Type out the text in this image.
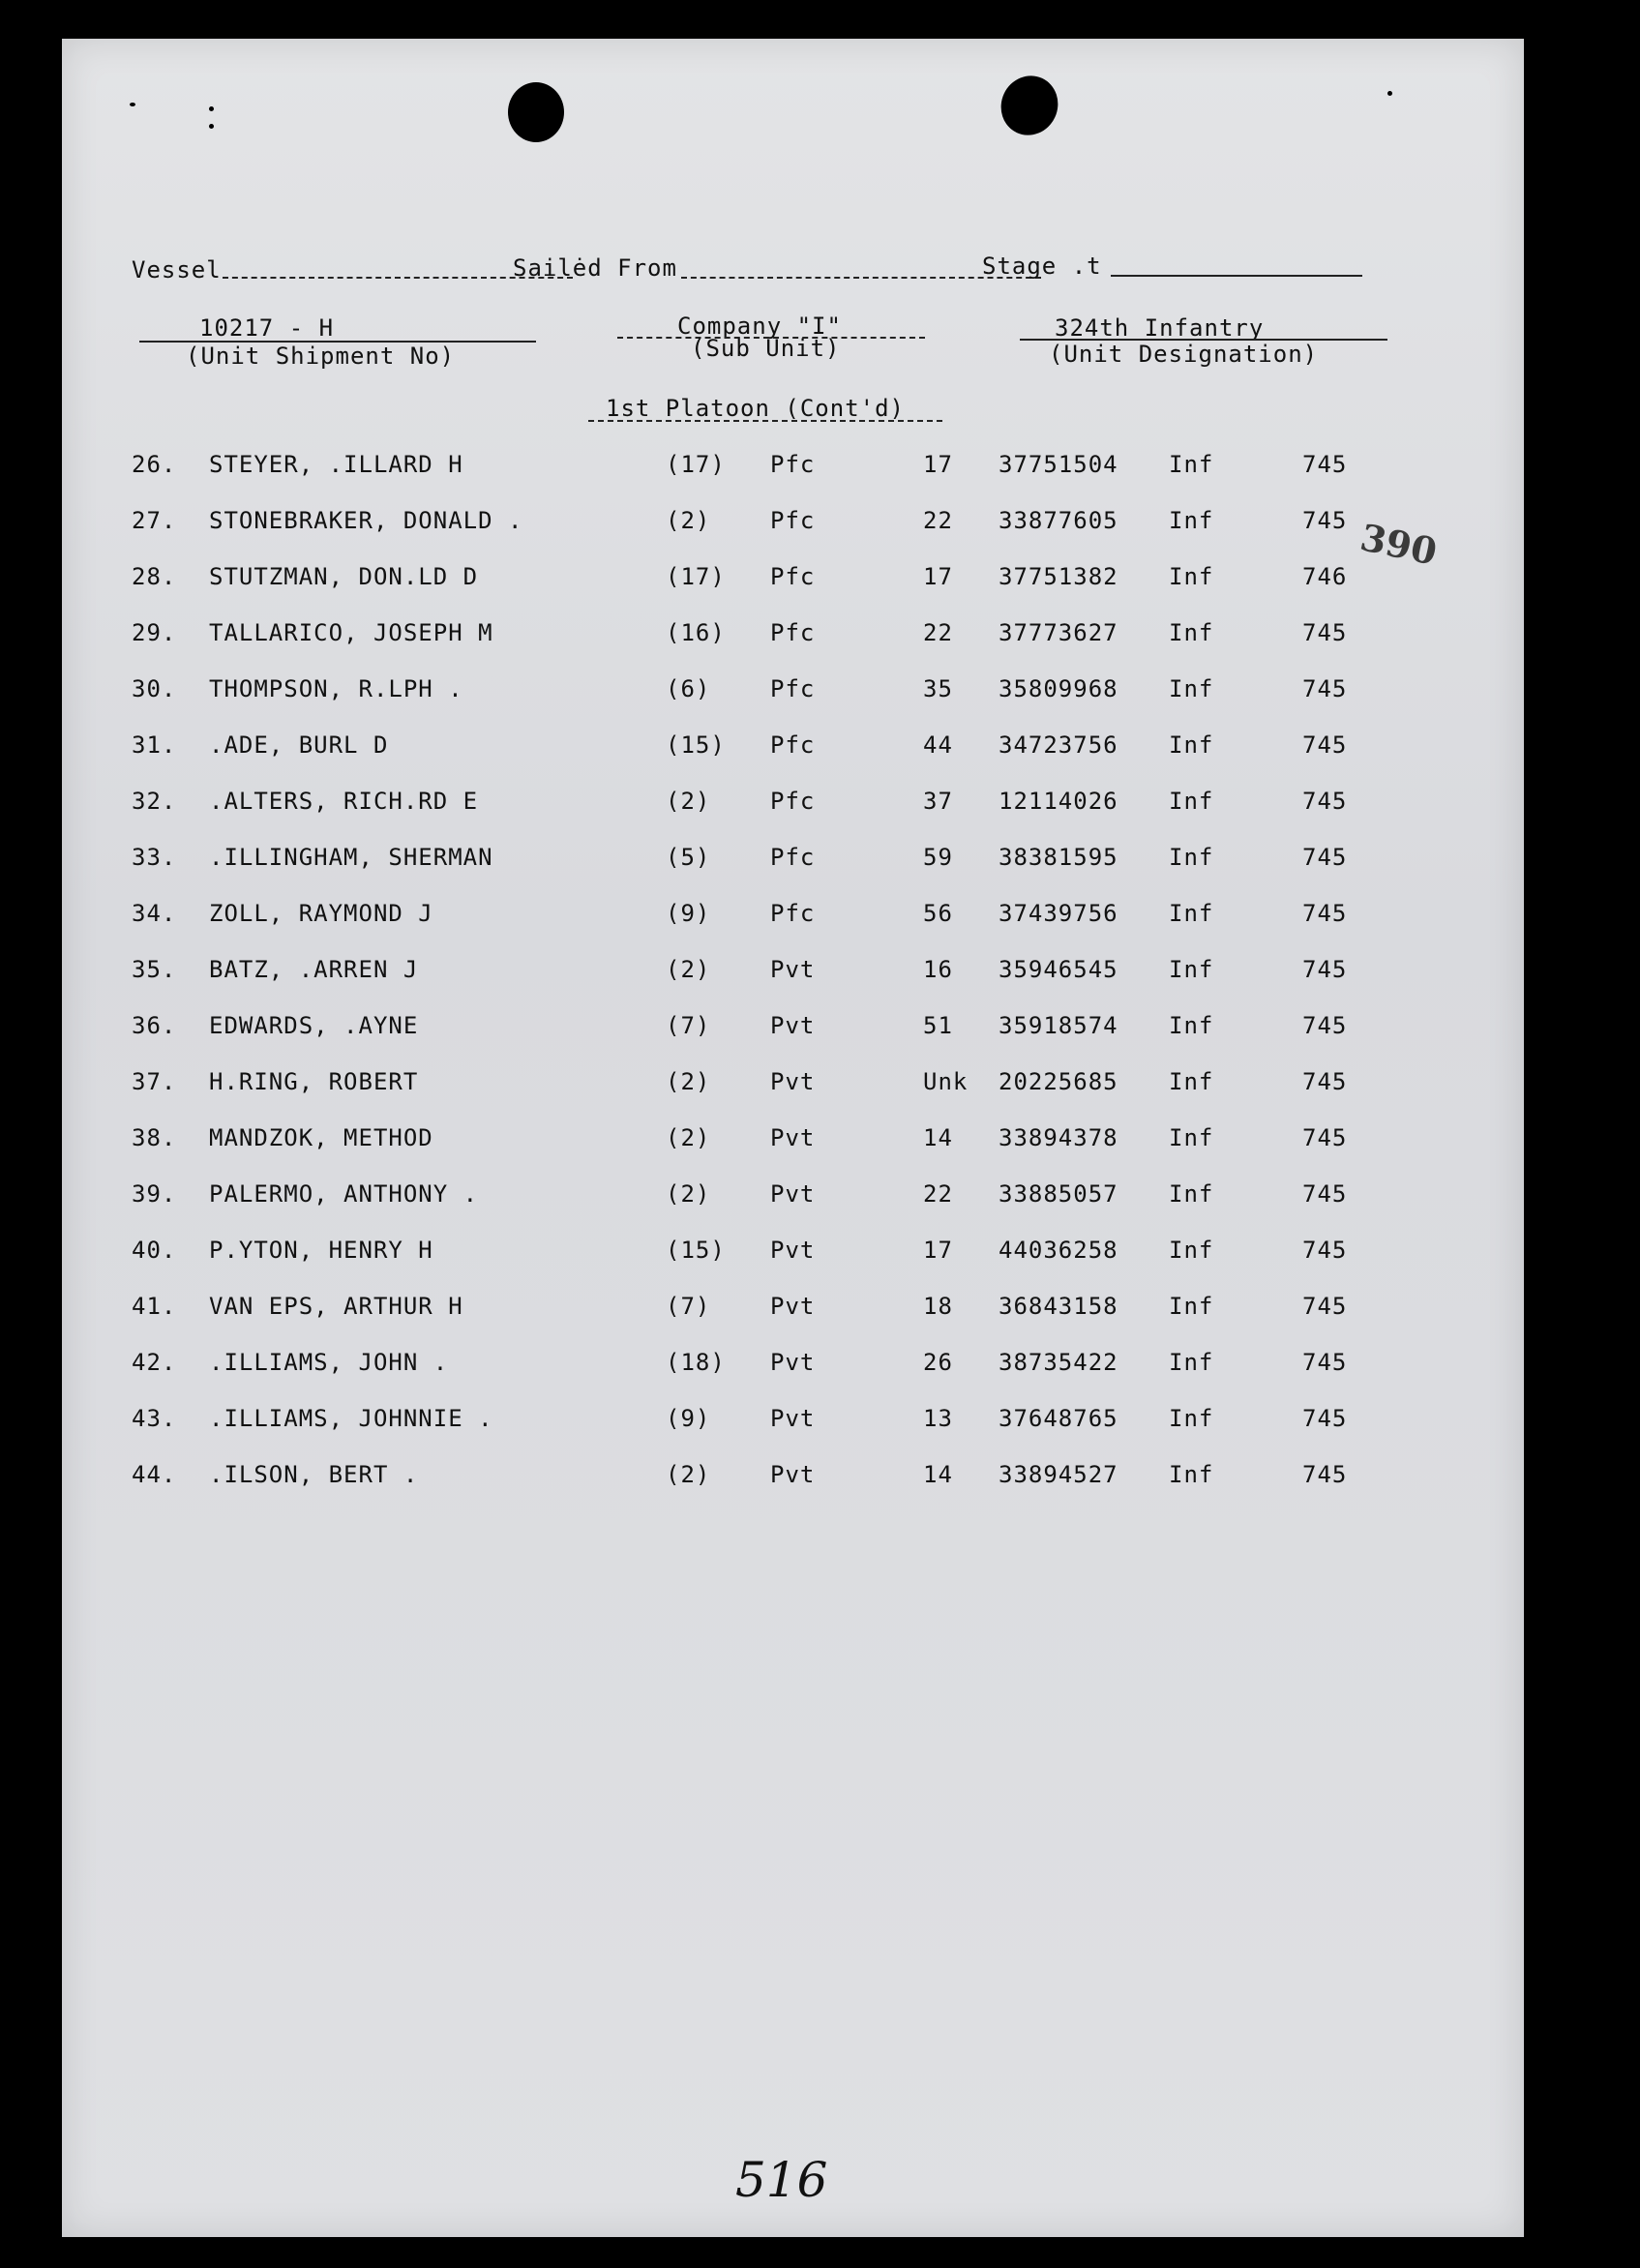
Vessel	Sailėd From	Stage .t
10217 - H
(Unit Shipment No)
Company "I"
(Sub Unit)
324th Infantry
(Unit Designation)
1st Platoon (Cont'd)
26. STEYER, .ILLARD H	(17) Pfc	17 37751504 Inf	745
27. STONEBRAKER, DONALD .	(2)	Pfc	22 33877605 Inf	745
28. STUTZMAN, DON.LD D	(17) Pfc	17 37751382 Inf	746
29. TALLARICO, JOSEPH M	(16) Pfc	22 37773627 Inf	745
30. THOMPSON, R.LPH .	(6)	Pfc	35 35809968 Inf	745
31. .ADE, BURL D	(15) Pfc	44 34723756 Inf	745
32. .ALTERS, RICH.RD E	(2)	Pfc	37 12114026 Inf	745
33. .ILLINGHAM, SHERMAN	(5)	Pfc	59 38381595 Inf	745
34. ZOLL, RAYMOND J	(9)	Pfc	56 37439756 Inf	745
35. BATZ, .ARREN J	(2)	Pvt	16 35946545 Inf	745
36. EDWARDS, .AYNE	(7)	Pvt	51 35918574 Inf	745
37. H.RING, ROBERT	(2)	Pvt	Unk 20225685 Inf	745
38. MANDZOK, METHOD	(2)	Pvt	14 33894378 Inf	745
39. PALERMO, ANTHONY .	(2)	Pvt	22 33885057 Inf	745
40. P.YTON, HENRY H	(15) Pvt	17 44036258 Inf	745
41. VAN EPS, ARTHUR H	(7)	Pvt	18 36843158 Inf	745
42. .ILLIAMS, JOHN .	(18) Pvt	26 38735422 Inf	745
43. .ILLIAMS, JOHNNIE .	(9)	Pvt	13 37648765 Inf	745
44. .ILSON, BERT .	(2)	Pvt	14 33894527 Inf	745
390
516
